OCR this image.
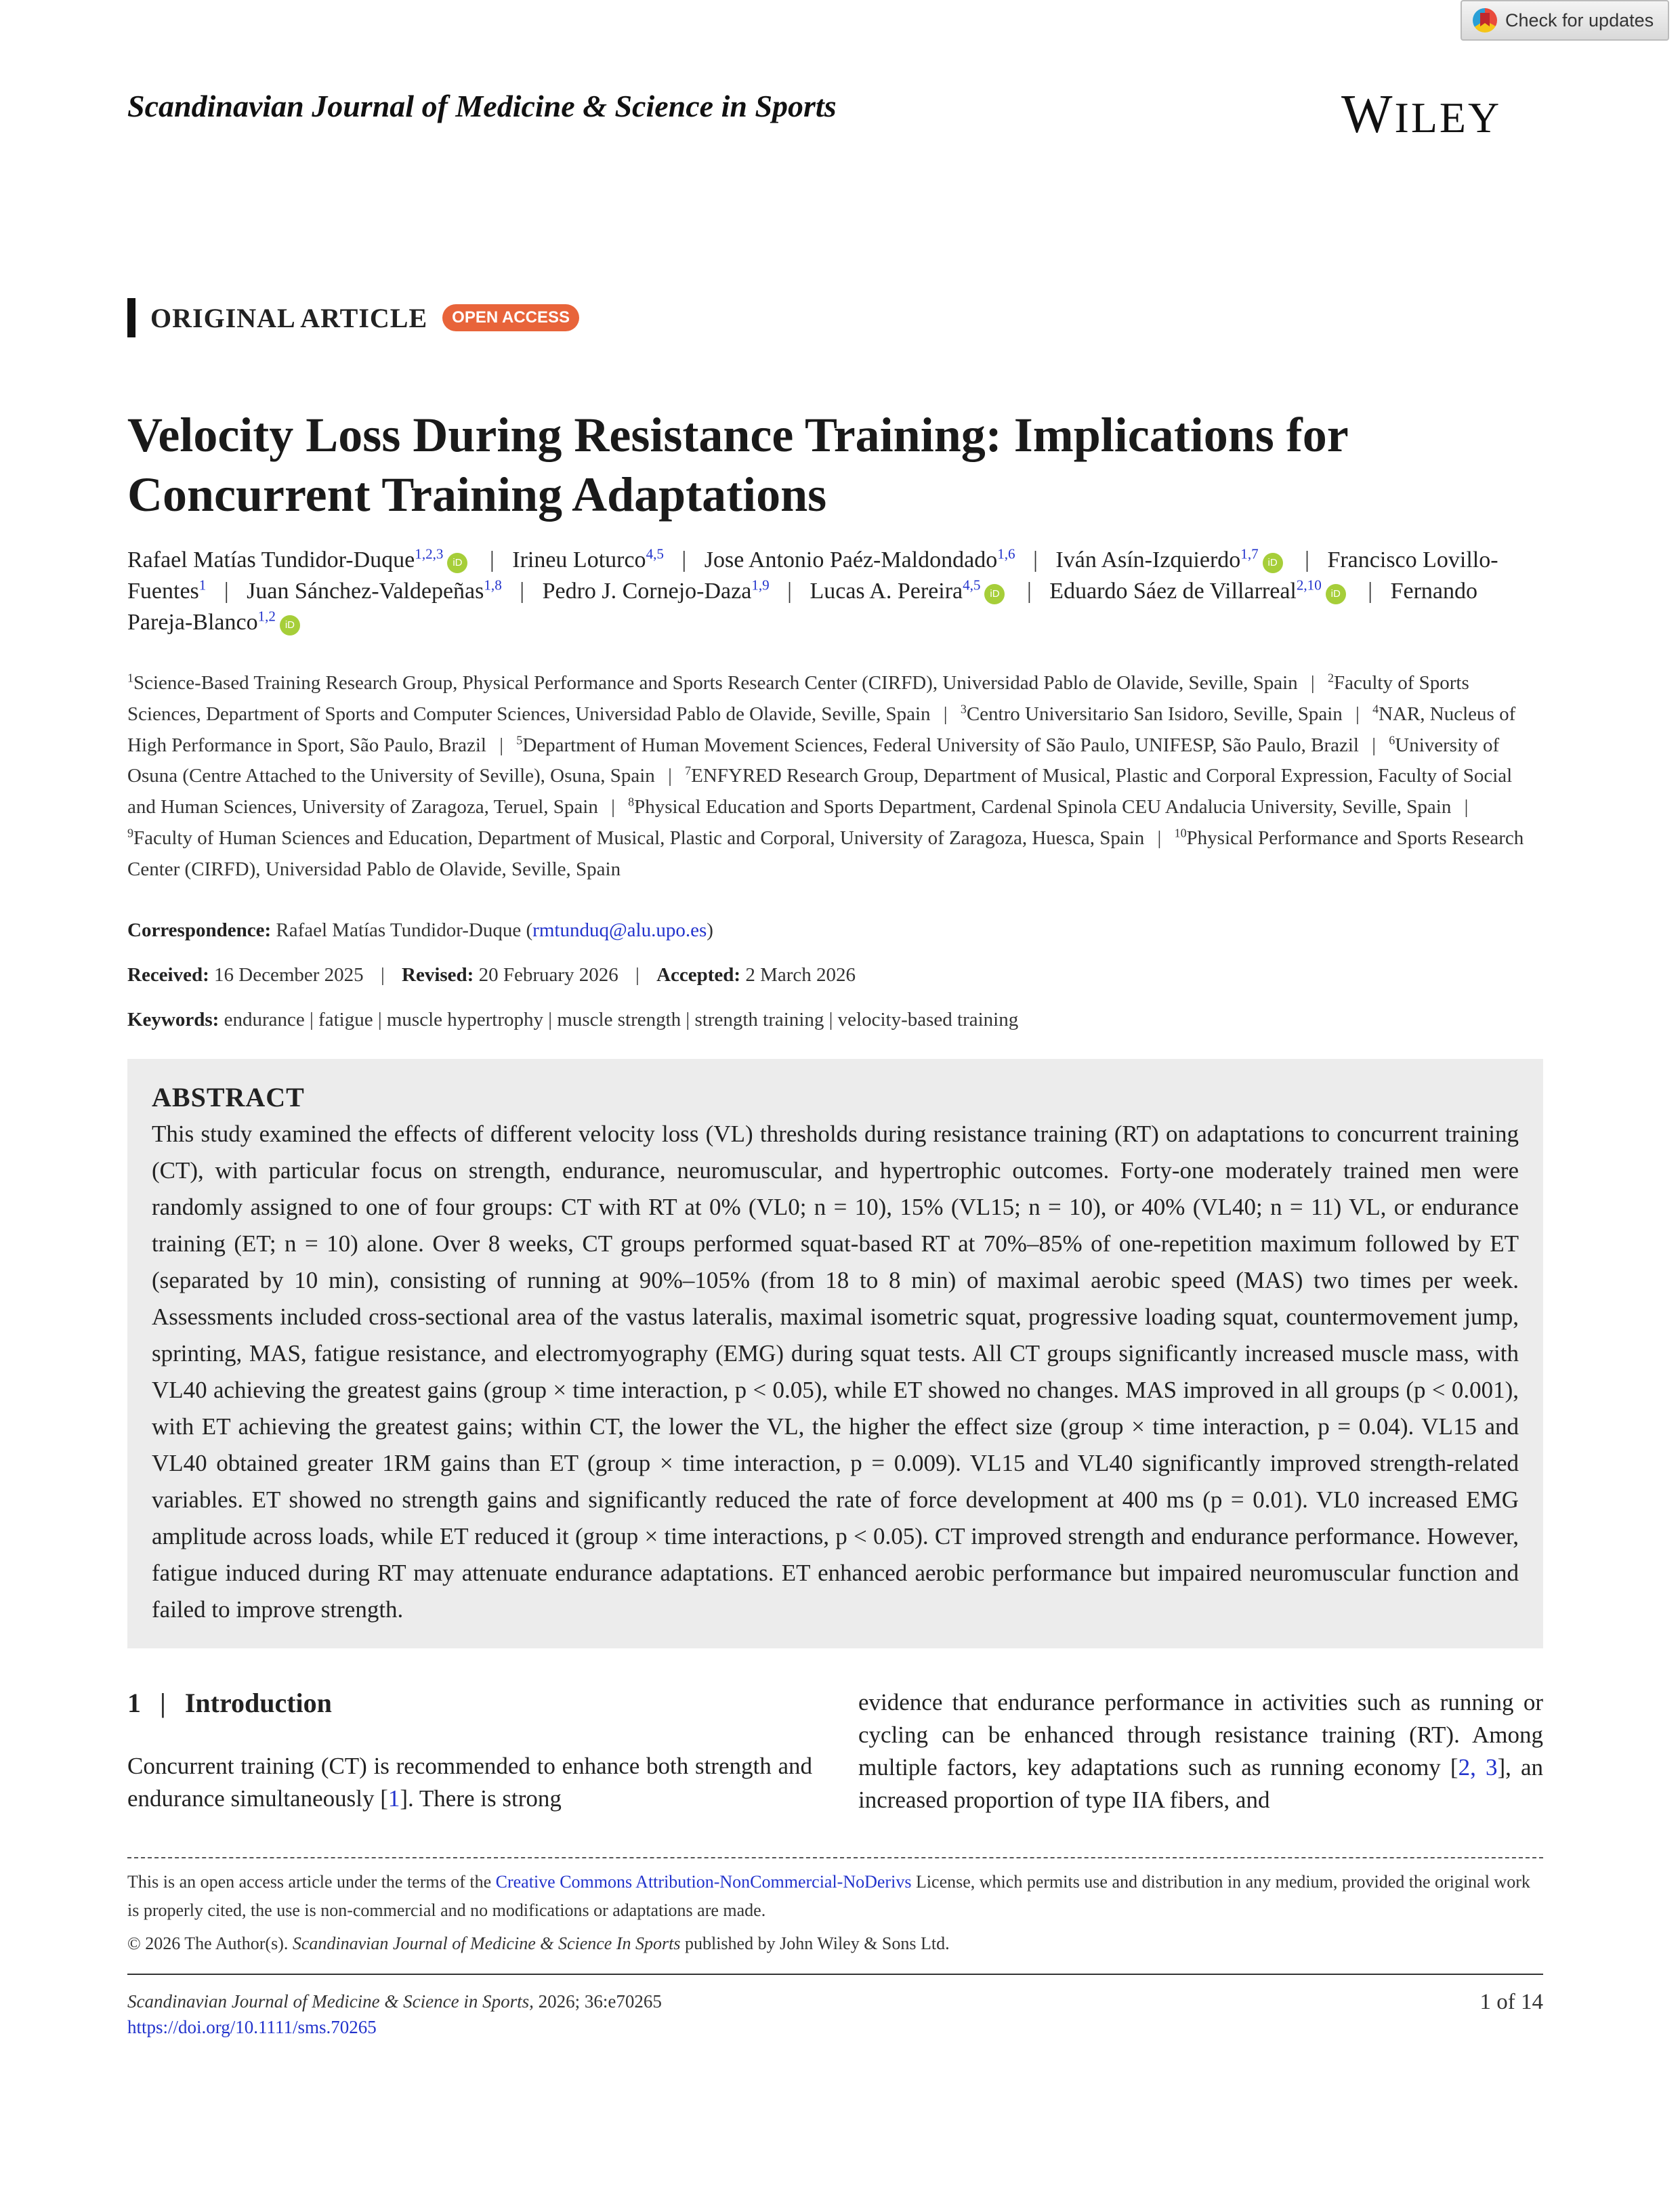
Check for updates
Scandinavian Journal of Medicine & Science in Sports	WILEY
ORIGINAL ARTICLE	OPEN ACCESS
Velocity Loss During Resistance Training: Implications for Concurrent Training Adaptations
Rafael Matías Tundidor-Duque$^{1,2,3}$iD | Irineu Loturco$^{4,5}$ | Jose Antonio Paéz-Maldondado$^{1,6}$ | Iván Asín-Izquierdo$^{1,7}$iD | Francisco Lovillo-Fuentes$^1$ | Juan Sánchez-Valdepeñas$^{1,8}$ | Pedro J. Cornejo-Daza$^{1,9}$ | Lucas A. Pereira$^{4,5}$iD | Eduardo Sáez de Villarreal$^{2,10}$iD | Fernando Pareja-Blanco$^{1,2}$iD
$^1$Science-Based Training Research Group, Physical Performance and Sports Research Center (CIRFD), Universidad Pablo de Olavide, Seville, Spain | $^2$Faculty of Sports Sciences, Department of Sports and Computer Sciences, Universidad Pablo de Olavide, Seville, Spain | $^3$Centro Universitario San Isidoro, Seville, Spain | $^4$NAR, Nucleus of High Performance in Sport, São Paulo, Brazil | $^5$Department of Human Movement Sciences, Federal University of São Paulo, UNIFESP, São Paulo, Brazil | $^6$University of Osuna (Centre Attached to the University of Seville), Osuna, Spain | $^7$ENFYRED Research Group, Department of Musical, Plastic and Corporal Expression, Faculty of Social and Human Sciences, University of Zaragoza, Teruel, Spain | $^8$Physical Education and Sports Department, Cardenal Spinola CEU Andalucia University, Seville, Spain | $^9$Faculty of Human Sciences and Education, Department of Musical, Plastic and Corporal, University of Zaragoza, Huesca, Spain | $^{10}$Physical Performance and Sports Research Center (CIRFD), Universidad Pablo de Olavide, Seville, Spain
Correspondence: Rafael Matías Tundidor-Duque (rmtunduq@alu.upo.es)
Received: 16 December 2025 | Revised: 20 February 2026 | Accepted: 2 March 2026
Keywords: endurance | fatigue | muscle hypertrophy | muscle strength | strength training | velocity-based training
ABSTRACT

This study examined the effects of different velocity loss (VL) thresholds during resistance training (RT) on adaptations to concurrent training (CT), with particular focus on strength, endurance, neuromuscular, and hypertrophic outcomes. Forty-one moderately trained men were randomly assigned to one of four groups: CT with RT at 0% (VL0; n = 10), 15% (VL15; n = 10), or 40% (VL40; n = 11) VL, or endurance training (ET; n = 10) alone. Over 8 weeks, CT groups performed squat-based RT at 70%–85% of one-repetition maximum followed by ET (separated by 10 min), consisting of running at 90%–105% (from 18 to 8 min) of maximal aerobic speed (MAS) two times per week. Assessments included cross-sectional area of the vastus lateralis, maximal isometric squat, progressive loading squat, countermovement jump, sprinting, MAS, fatigue resistance, and electromyography (EMG) during squat tests. All CT groups significantly increased muscle mass, with VL40 achieving the greatest gains (group × time interaction, p < 0.05), while ET showed no changes. MAS improved in all groups (p < 0.001), with ET achieving the greatest gains; within CT, the lower the VL, the higher the effect size (group × time interaction, p = 0.04). VL15 and VL40 obtained greater 1RM gains than ET (group × time interaction, p = 0.009). VL15 and VL40 significantly improved strength-related variables. ET showed no strength gains and significantly reduced the rate of force development at 400 ms (p = 0.01). VL0 increased EMG amplitude across loads, while ET reduced it (group × time interactions, p < 0.05). CT improved strength and endurance performance. However, fatigue induced during RT may attenuate endurance adaptations. ET enhanced aerobic performance but impaired neuromuscular function and failed to improve strength.

1 | Introduction
Concurrent training (CT) is recommended to enhance both strength and endurance simultaneously [1]. There is strong
evidence that endurance performance in activities such as running or cycling can be enhanced through resistance training (RT). Among multiple factors, key adaptations such as running economy [2, 3], an increased proportion of type IIA fibers, and
This is an open access article under the terms of the Creative Commons Attribution-NonCommercial-NoDerivs License, which permits use and distribution in any medium, provided the original work is properly cited, the use is non-commercial and no modifications or adaptations are made.
© 2026 The Author(s). Scandinavian Journal of Medicine & Science In Sports published by John Wiley & Sons Ltd.
Scandinavian Journal of Medicine & Science in Sports, 2026; 36:e70265
https://doi.org/10.1111/sms.70265
1 of 14
